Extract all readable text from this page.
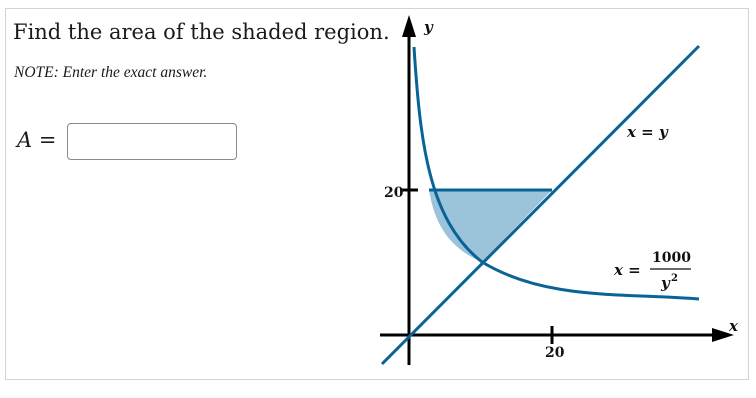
Find the area of the shaded region.
NOTE: Enter the exact answer.
A =
y
x
20
20
x = y
x =
1000
y 2
